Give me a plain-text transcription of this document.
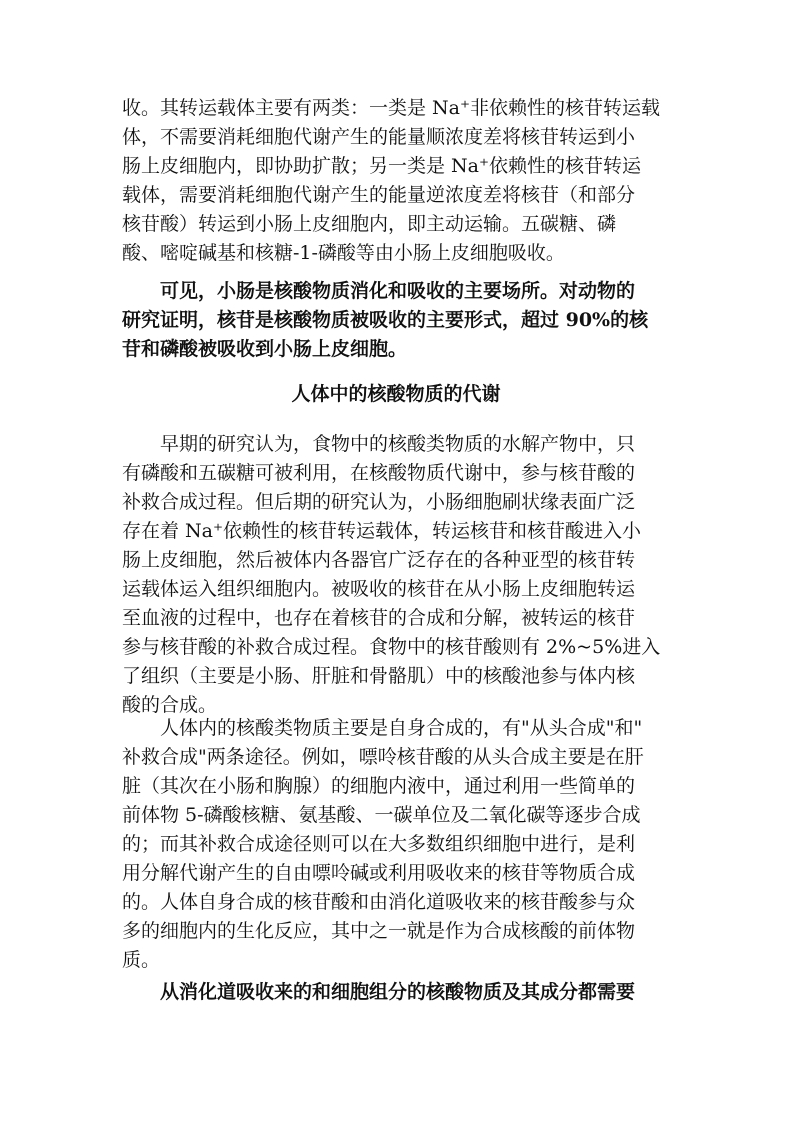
收。其转运载体主要有两类：一类是 Na⁺非依赖性的核苷转运载
体，不需要消耗细胞代谢产生的能量顺浓度差将核苷转运到小
肠上皮细胞内，即协助扩散；另一类是 Na⁺依赖性的核苷转运
载体，需要消耗细胞代谢产生的能量逆浓度差将核苷（和部分
核苷酸）转运到小肠上皮细胞内，即主动运输。五碳糖、磷
酸、嘧啶碱基和核糖-1-磷酸等由小肠上皮细胞吸收。
可见，小肠是核酸物质消化和吸收的主要场所。对动物的
研究证明，核苷是核酸物质被吸收的主要形式，超过 90%的核
苷和磷酸被吸收到小肠上皮细胞。
人体中的核酸物质的代谢
早期的研究认为，食物中的核酸类物质的水解产物中，只
有磷酸和五碳糖可被利用，在核酸物质代谢中，参与核苷酸的
补救合成过程。但后期的研究认为，小肠细胞刷状缘表面广泛
存在着 Na⁺依赖性的核苷转运载体，转运核苷和核苷酸进入小
肠上皮细胞，然后被体内各器官广泛存在的各种亚型的核苷转
运载体运入组织细胞内。被吸收的核苷在从小肠上皮细胞转运
至血液的过程中，也存在着核苷的合成和分解，被转运的核苷
参与核苷酸的补救合成过程。食物中的核苷酸则有 2%~5%进入
了组织（主要是小肠、肝脏和骨骼肌）中的核酸池参与体内核
酸的合成。
人体内的核酸类物质主要是自身合成的，有"从头合成"和"
补救合成"两条途径。例如，嘌呤核苷酸的从头合成主要是在肝
脏（其次在小肠和胸腺）的细胞内液中，通过利用一些简单的
前体物 5-磷酸核糖、氨基酸、一碳单位及二氧化碳等逐步合成
的；而其补救合成途径则可以在大多数组织细胞中进行，是利
用分解代谢产生的自由嘌呤碱或利用吸收来的核苷等物质合成
的。人体自身合成的核苷酸和由消化道吸收来的核苷酸参与众
多的细胞内的生化反应，其中之一就是作为合成核酸的前体物
质。
从消化道吸收来的和细胞组分的核酸物质及其成分都需要
